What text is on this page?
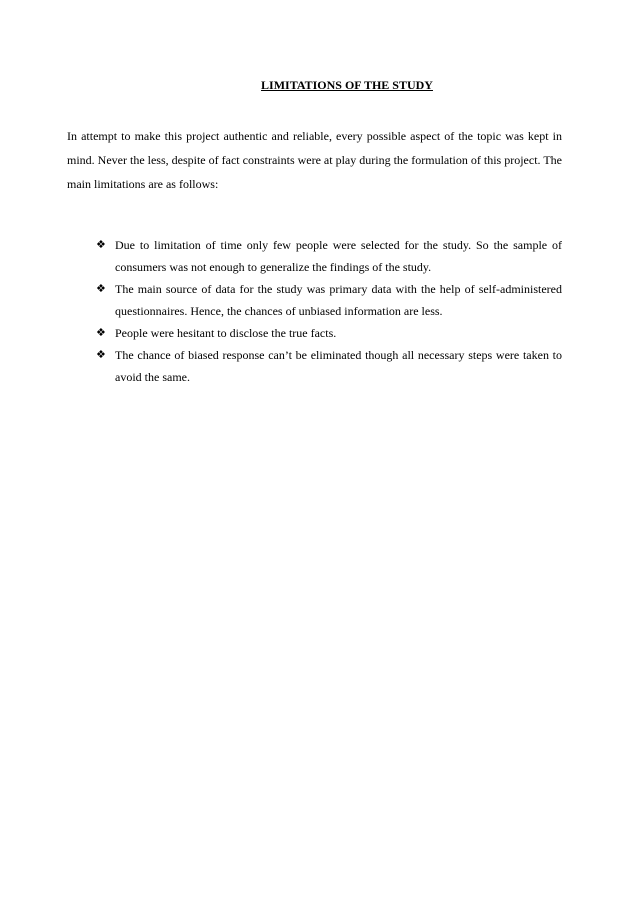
LIMITATIONS OF THE STUDY

In attempt to make this project authentic and reliable, every possible aspect of the topic was kept in mind. Never the less, despite of fact constraints were at play during the formulation of this project. The main limitations are as follows:

❖ Due to limitation of time only few people were selected for the study. So the sample of consumers was not enough to generalize the findings of the study.
❖ The main source of data for the study was primary data with the help of self-administered questionnaires. Hence, the chances of unbiased information are less.
❖ People were hesitant to disclose the true facts.
❖ The chance of biased response can’t be eliminated though all necessary steps were taken to avoid the same.
